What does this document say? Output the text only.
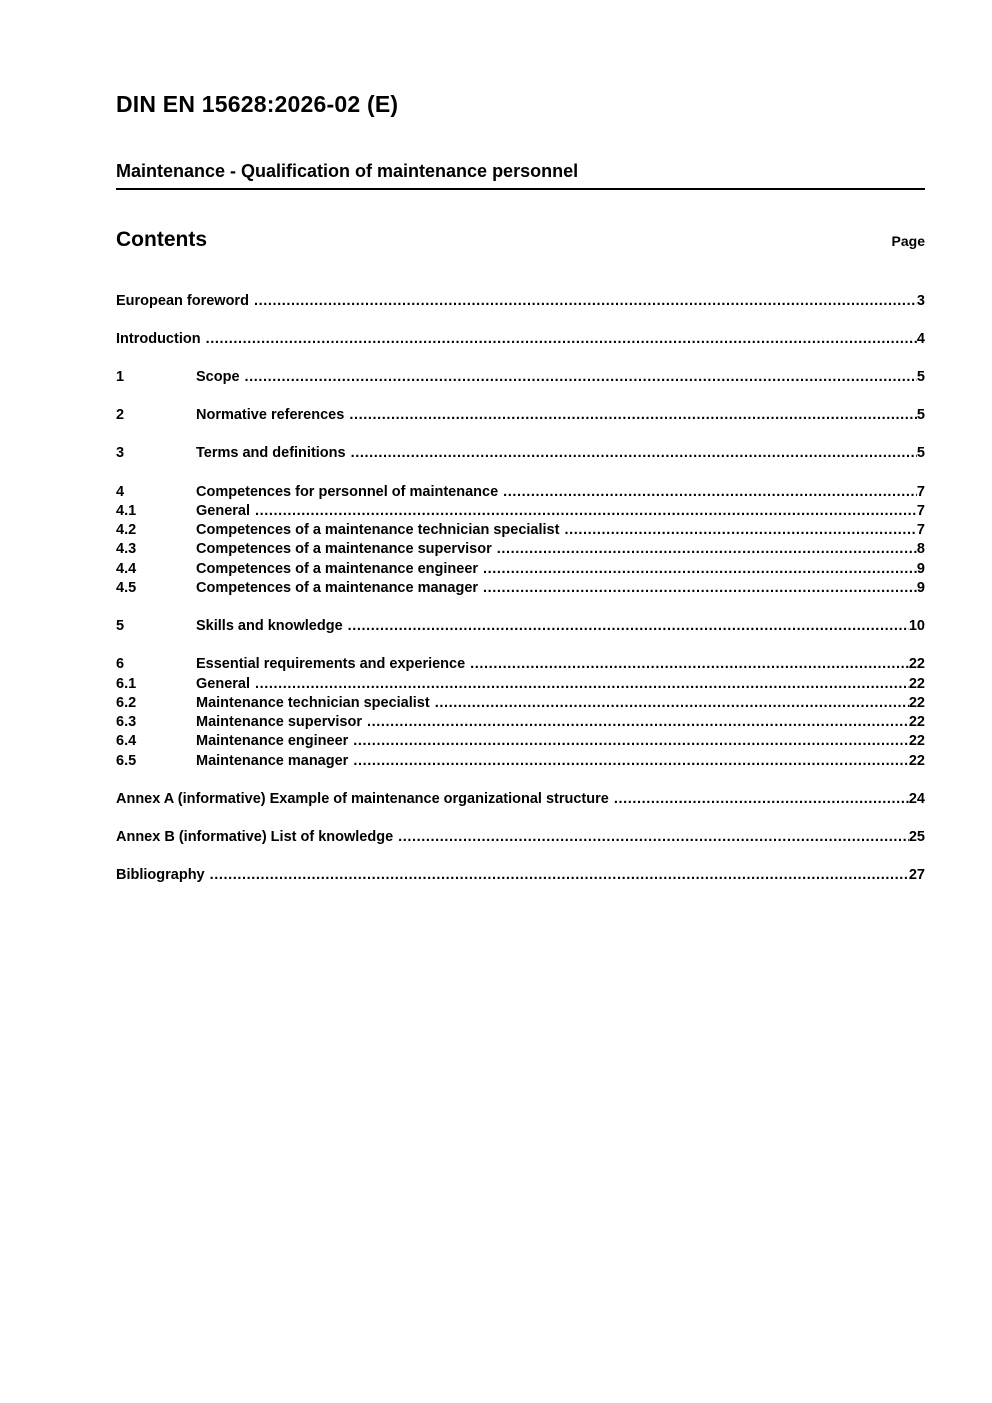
DIN EN 15628:2026-02 (E)
Maintenance - Qualification of maintenance personnel
Contents	Page
European foreword .....	3
Introduction .....	4
1	Scope .....	5
2	Normative references .....	5
3	Terms and definitions .....	5
4	Competences for personnel of maintenance .....	7
4.1	General .....	7
4.2	Competences of a maintenance technician specialist .....	7
4.3	Competences of a maintenance supervisor .....	8
4.4	Competences of a maintenance engineer .....	9
4.5	Competences of a maintenance manager .....	9
5	Skills and knowledge .....	10
6	Essential requirements and experience .....	22
6.1	General .....	22
6.2	Maintenance technician specialist .....	22
6.3	Maintenance supervisor .....	22
6.4	Maintenance engineer .....	22
6.5	Maintenance manager .....	22
Annex A (informative) Example of maintenance organizational structure .....	24
Annex B (informative) List of knowledge .....	25
Bibliography .....	27
